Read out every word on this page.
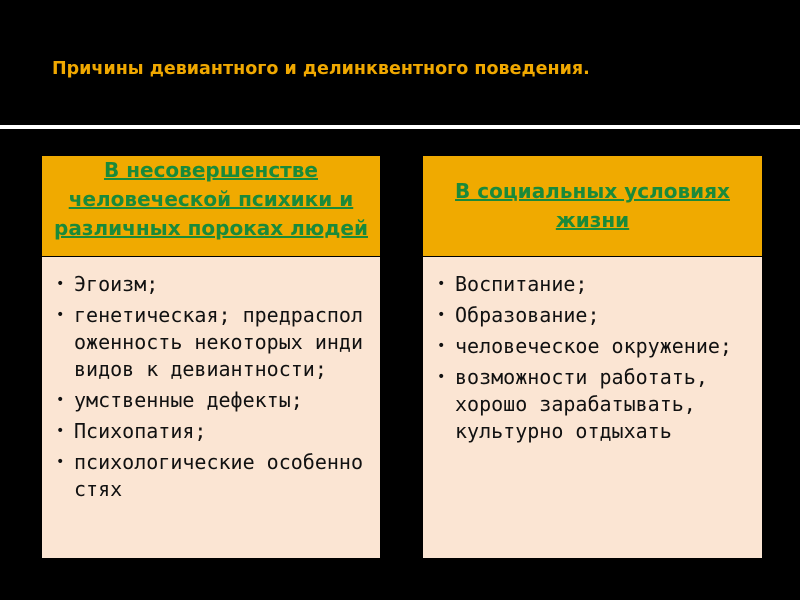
Причины девиантного и делинквентного поведения.
В несовершенстве человеческой психики и различных пороках людей
• Эгоизм;
• генетическая; предрасположенность некоторых индивидов к девиантности;
• умственные дефекты;
• Психопатия;
• психологические особенностях
В социальных условиях жизни
• Воспитание;
• Образование;
• человеческое окружение;
• возможности работать, хорошо зарабатывать, культурно отдыхать
